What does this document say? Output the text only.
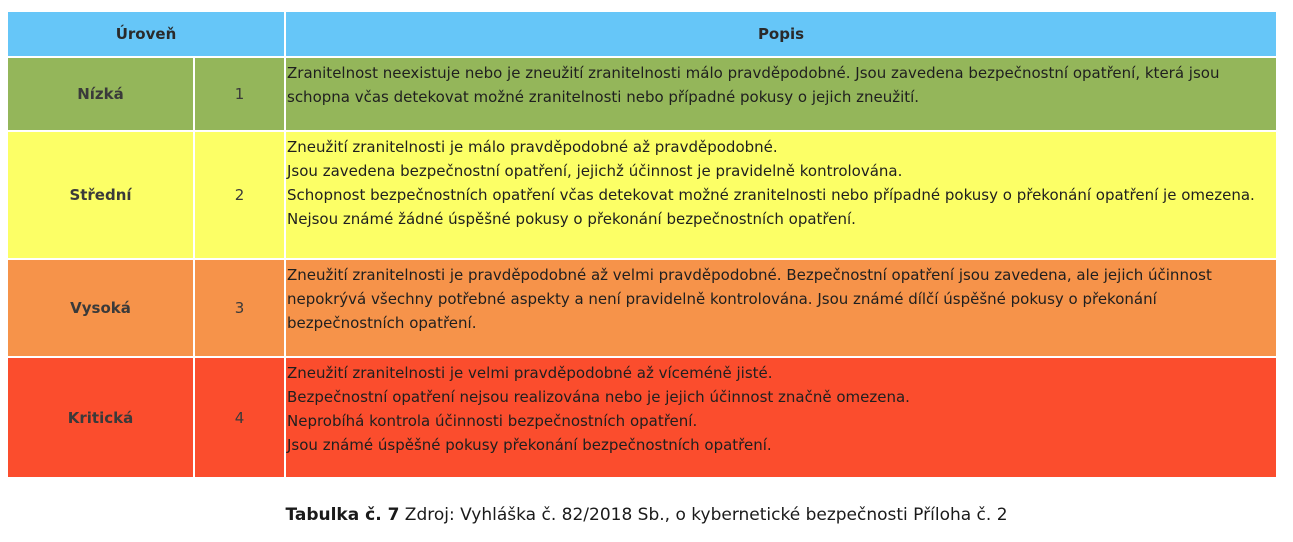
Úroveň	Popis
Nízká	1
Zranitelnost neexistuje nebo je zneužití zranitelnosti málo pravděpodobné. Jsou zavedena bezpečnostní opatření, která jsou
schopna včas detekovat možné zranitelnosti nebo případné pokusy o jejich zneužití.
Střední	2
Zneužití zranitelnosti je málo pravděpodobné až pravděpodobné.
Jsou zavedena bezpečnostní opatření, jejichž účinnost je pravidelně kontrolována.
Schopnost bezpečnostních opatření včas detekovat možné zranitelnosti nebo případné pokusy o překonání opatření je omezena.
Nejsou známé žádné úspěšné pokusy o překonání bezpečnostních opatření.
Vysoká	3
Zneužití zranitelnosti je pravděpodobné až velmi pravděpodobné. Bezpečnostní opatření jsou zavedena, ale jejich účinnost
nepokrývá všechny potřebné aspekty a není pravidelně kontrolována. Jsou známé dílčí úspěšné pokusy o překonání
bezpečnostních opatření.
Kritická	4
Zneužití zranitelnosti je velmi pravděpodobné až víceméně jisté.
Bezpečnostní opatření nejsou realizována nebo je jejich účinnost značně omezena.
Neprobíhá kontrola účinnosti bezpečnostních opatření.
Jsou známé úspěšné pokusy překonání bezpečnostních opatření.
Tabulka č. 7 Zdroj: Vyhláška č. 82/2018 Sb., o kybernetické bezpečnosti Příloha č. 2
